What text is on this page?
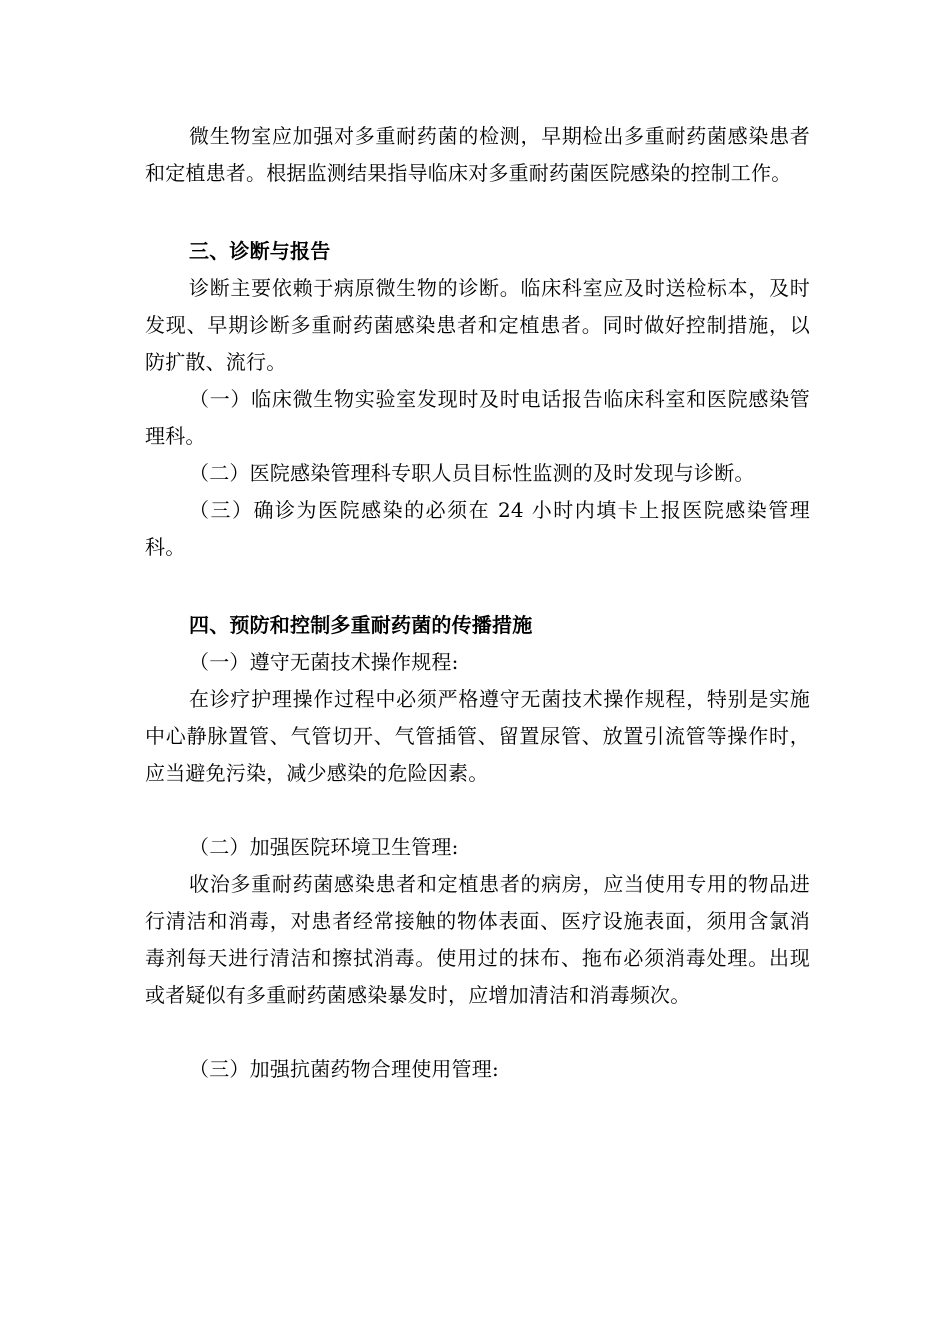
微生物室应加强对多重耐药菌的检测，早期检出多重耐药菌感染患者和定植患者。根据监测结果指导临床对多重耐药菌医院感染的控制工作。

三、诊断与报告

诊断主要依赖于病原微生物的诊断。临床科室应及时送检标本，及时发现、早期诊断多重耐药菌感染患者和定植患者。同时做好控制措施，以防扩散、流行。

（一）临床微生物实验室发现时及时电话报告临床科室和医院感染管理科。

（二）医院感染管理科专职人员目标性监测的及时发现与诊断。

（三）确诊为医院感染的必须在 24 小时内填卡上报医院感染管理科。

四、预防和控制多重耐药菌的传播措施

（一）遵守无菌技术操作规程:

在诊疗护理操作过程中必须严格遵守无菌技术操作规程，特别是实施中心静脉置管、气管切开、气管插管、留置尿管、放置引流管等操作时，应当避免污染，减少感染的危险因素。

（二）加强医院环境卫生管理:

收治多重耐药菌感染患者和定植患者的病房，应当使用专用的物品进行清洁和消毒，对患者经常接触的物体表面、医疗设施表面，须用含氯消毒剂每天进行清洁和擦拭消毒。使用过的抹布、拖布必须消毒处理。出现或者疑似有多重耐药菌感染暴发时，应增加清洁和消毒频次。

（三）加强抗菌药物合理使用管理:
